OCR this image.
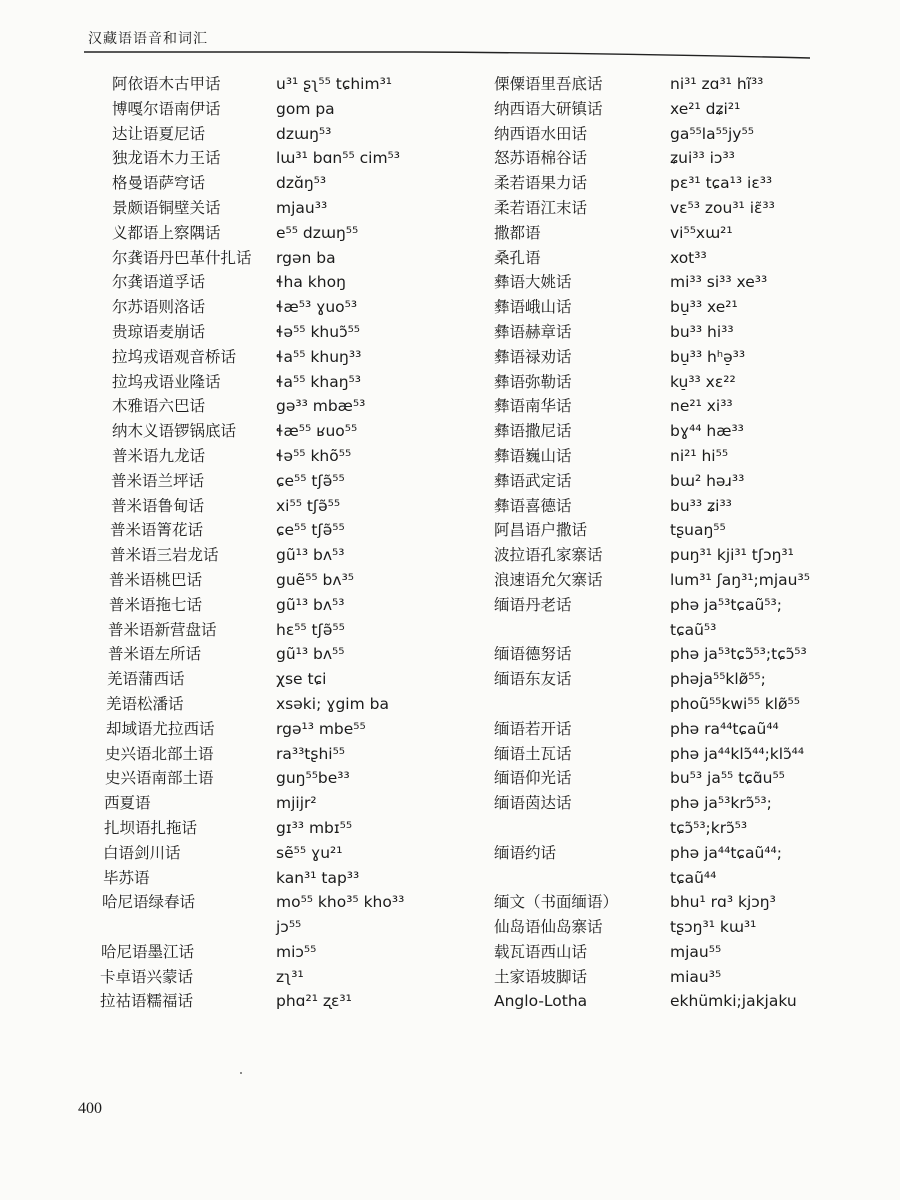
汉藏语语音和词汇
阿依语木古甲话	u³¹ ʂʅ⁵⁵ tɕhim³¹
博嘎尔语南伊话	gom pa
达让语夏尼话	dzɯŋ⁵³
独龙语木力王话	lɯ³¹ bɑn⁵⁵ cim⁵³
格曼语萨穹话	dzɑ̆ŋ⁵³
景颇语铜壁关话	mjau³³
义都语上察隅话	e⁵⁵ dzɯŋ⁵⁵
尔龚语丹巴革什扎话 rgən ba
尔龚语道孚话	ɬha khoŋ
尔苏语则洛话	ɬæ⁵³ ɣuo⁵³
贵琼语麦崩话	ɬə⁵⁵ khuɔ̃⁵⁵
拉坞戎语观音桥话	ɬa⁵⁵ khuŋ³³
拉坞戎语业隆话	ɬa⁵⁵ khaŋ⁵³
木雅语六巴话	gə³³ mbæ⁵³
纳木义语锣锅底话	ɬæ⁵⁵ ʁuo⁵⁵
普米语九龙话	ɬə⁵⁵ khõ⁵⁵
普米语兰坪话	ɕe⁵⁵ tʃə̃⁵⁵
普米语鲁甸话	xi⁵⁵ tʃə̃⁵⁵
普米语箐花话	ɕe⁵⁵ tʃə̃⁵⁵
普米语三岩龙话	gũ¹³ bʌ⁵³
普米语桃巴话	guẽ⁵⁵ bʌ³⁵
普米语拖七话	gũ¹³ bʌ⁵³
普米语新营盘话	hɛ⁵⁵ tʃə̃⁵⁵
普米语左所话	gũ¹³ bʌ⁵⁵
羌语蒲西话	χse tɕi
羌语松潘话	xsəki; ɣgim ba
却域语尤拉西话	rgə¹³ mbe⁵⁵
史兴语北部土语	ra³³tʂhi⁵⁵
史兴语南部土语	guŋ⁵⁵be³³
西夏语	mjijr²
扎坝语扎拖话	gɪ³³ mbɪ⁵⁵
白语剑川话	sẽ⁵⁵ ɣu²¹
毕苏语	kan³¹ tap³³
哈尼语绿春话	mo⁵⁵ kho³⁵ kho³³
jɔ⁵⁵
哈尼语墨江话	miɔ⁵⁵
卡卓语兴蒙话	zʅ³¹
拉祜语糯福话	phɑ²¹ ʐɛ³¹
傈僳语里吾底话	ni³¹ zɑ³¹ hĩ³³
纳西语大研镇话	xe²¹ dʑi²¹
纳西语水田话	ga⁵⁵la⁵⁵jy⁵⁵
怒苏语棉谷话	ʑui³³ iɔ³³
柔若语果力话	pɛ³¹ tɕa¹³ iɛ³³
柔若语江末话	vɛ⁵³ zou³¹ iɛ̃³³
撒都语	vi⁵⁵xɯ²¹
桑孔语	xot³³
彝语大姚话	mi³³ si³³ xe³³
彝语峨山话	bu̠³³ xe²¹
彝语赫章话	bu³³ hi³³
彝语禄劝话	bu̠³³ hʰə̠³³
彝语弥勒话	ku̠³³ xɛ²²
彝语南华话	ne²¹ xi³³
彝语撒尼话	bɣ⁴⁴ hæ³³
彝语巍山话	ni²¹ hi⁵⁵
彝语武定话	bɯ² həɹ³³
彝语喜德话	bu³³ ʑi³³
阿昌语户撒话	tʂuaŋ⁵⁵
波拉语孔家寨话	puŋ³¹ kji³¹ tʃɔŋ³¹
浪速语允欠寨话	lum³¹ ʃaŋ³¹;mjau³⁵
缅语丹老话	phə ja⁵³tɕaũ⁵³;
tɕaũ⁵³
缅语德努话	phə ja⁵³tɕɔ̃⁵³;tɕɔ̃⁵³
缅语东友话	phəja⁵⁵klø̃⁵⁵;
phoũ⁵⁵kwi⁵⁵ klø̃⁵⁵
缅语若开话	phə ra⁴⁴tɕaũ⁴⁴
缅语土瓦话	phə ja⁴⁴klɔ̃⁴⁴;klɔ̃⁴⁴
缅语仰光话	bu⁵³ ja⁵⁵ tɕɑ̃u⁵⁵
缅语茵达话	phə ja⁵³krɔ̃⁵³;
tɕɔ̃⁵³;krɔ̃⁵³
缅语约话	phə ja⁴⁴tɕaũ⁴⁴;
tɕaũ⁴⁴
缅文（书面缅语）	bhu¹ rɑ³ kjɔŋ³
仙岛语仙岛寨话	tʂɔŋ³¹ kɯ³¹
载瓦语西山话	mjau⁵⁵
土家语坡脚话	miau³⁵
Anglo-Lotha	ekhümki;jakjaku
400
